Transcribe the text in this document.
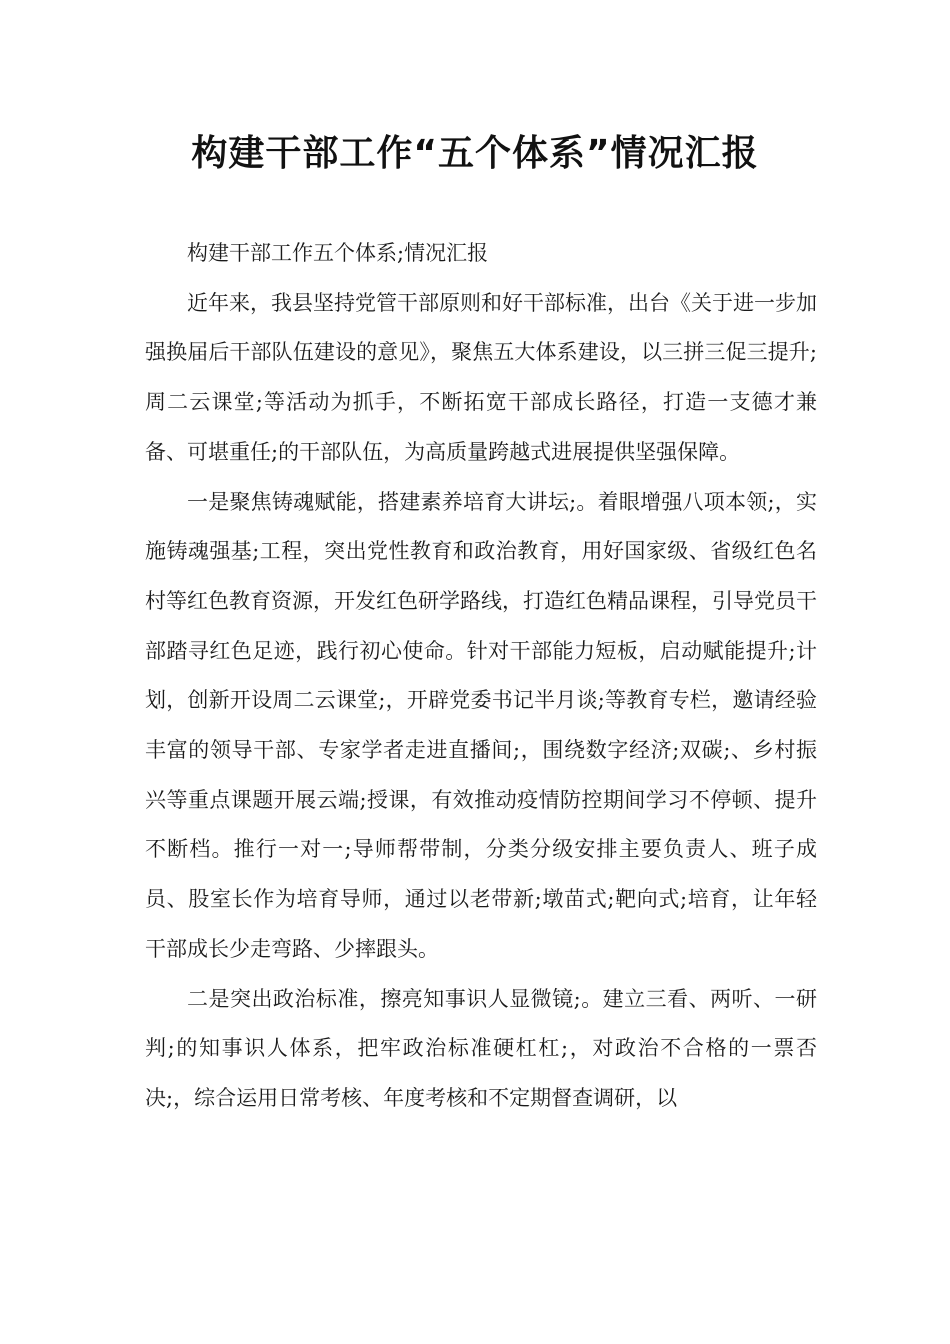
构建干部工作“五个体系”情况汇报

构建干部工作五个体系;情况汇报

近年来，我县坚持党管干部原则和好干部标准，出台《关于进一步加强换届后干部队伍建设的意见》，聚焦五大体系建设，以三拼三促三提升;周二云课堂;等活动为抓手，不断拓宽干部成长路径，打造一支德才兼备、可堪重任;的干部队伍，为高质量跨越式进展提供坚强保障。

一是聚焦铸魂赋能，搭建素养培育大讲坛;。着眼增强八项本领;，实施铸魂强基;工程，突出党性教育和政治教育，用好国家级、省级红色名村等红色教育资源，开发红色研学路线，打造红色精品课程，引导党员干部踏寻红色足迹，践行初心使命。针对干部能力短板，启动赋能提升;计划，创新开设周二云课堂;，开辟党委书记半月谈;等教育专栏，邀请经验丰富的领导干部、专家学者走进直播间;，围绕数字经济;双碳;、乡村振兴等重点课题开展云端;授课，有效推动疫情防控期间学习不停顿、提升不断档。推行一对一;导师帮带制，分类分级安排主要负责人、班子成员、股室长作为培育导师，通过以老带新;墩苗式;靶向式;培育，让年轻干部成长少走弯路、少摔跟头。

二是突出政治标准，擦亮知事识人显微镜;。建立三看、两听、一研判;的知事识人体系，把牢政治标准硬杠杠;，对政治不合格的一票否决;，综合运用日常考核、年度考核和不定期督查调研，以
